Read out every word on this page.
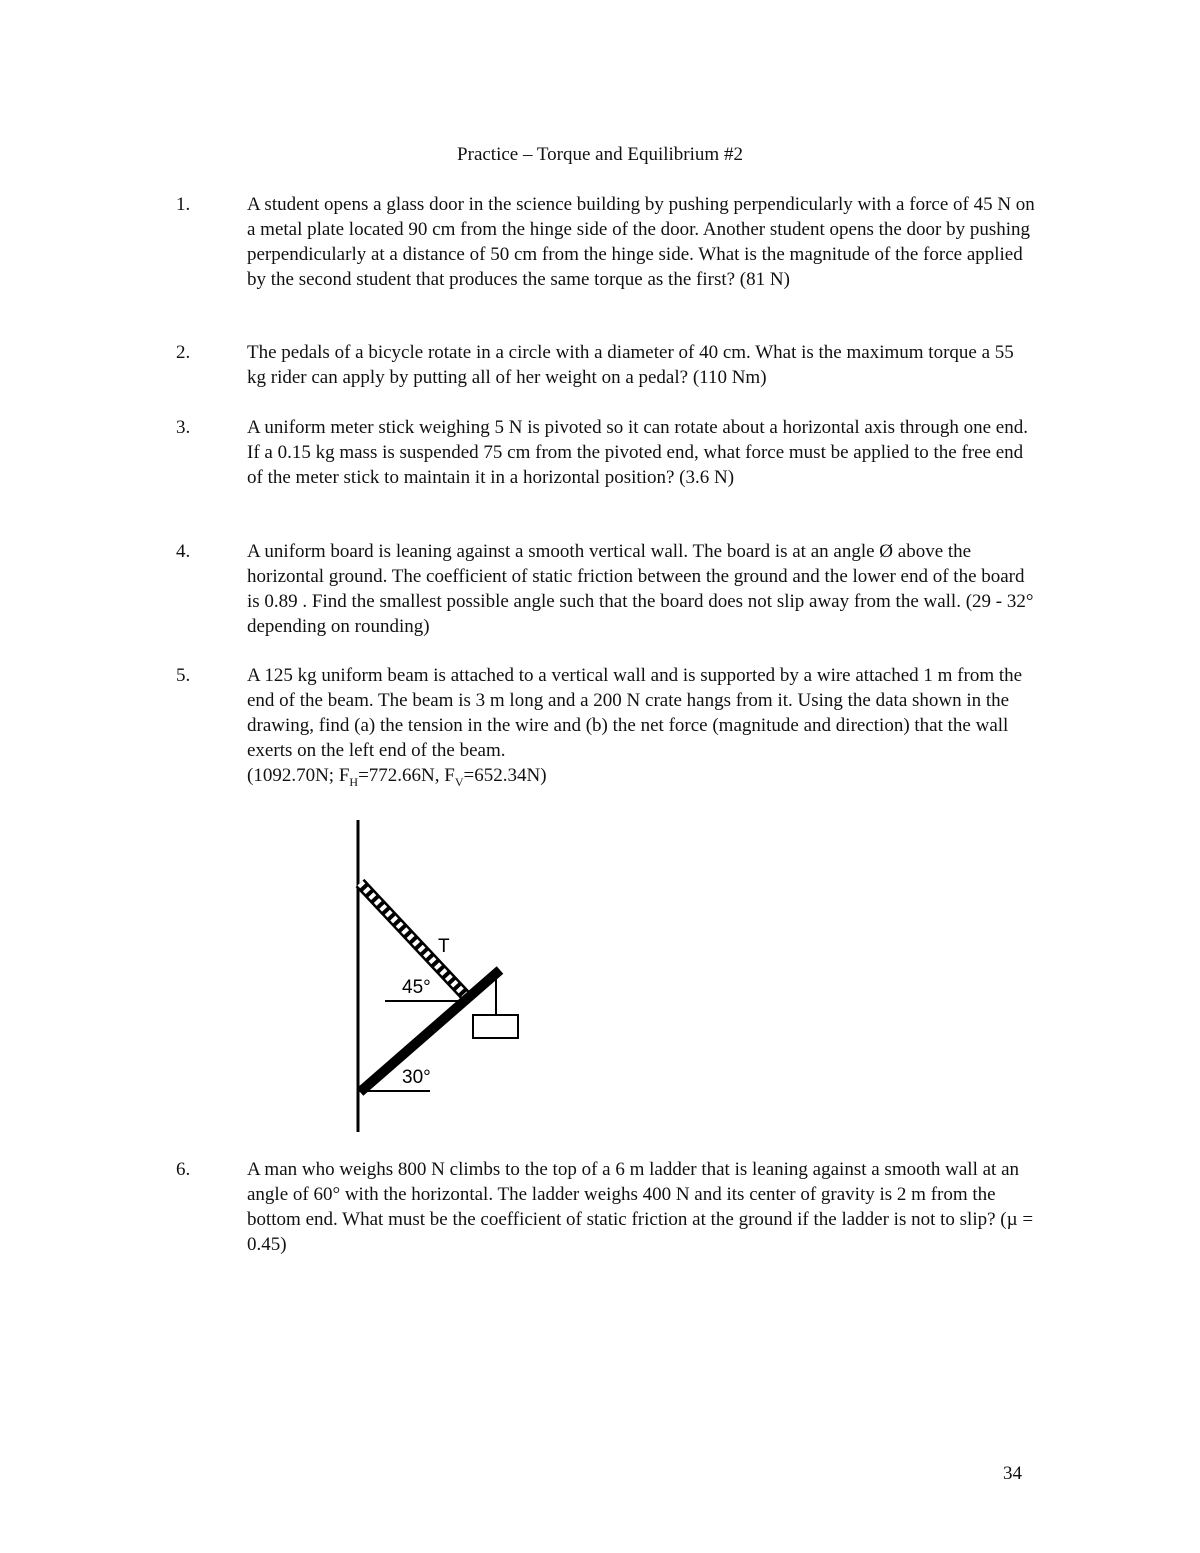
Practice – Torque and Equilibrium #2
1.	A student opens a glass door in the science building by pushing perpendicularly with a force of 45 N on a metal plate located 90 cm from the hinge side of the door. Another student opens the door by pushing perpendicularly at a distance of 50 cm from the hinge side. What is the magnitude of the force applied by the second student that produces the same torque as the first? (81 N)
2.	The pedals of a bicycle rotate in a circle with a diameter of 40 cm. What is the maximum torque a 55 kg rider can apply by putting all of her weight on a pedal? (110 Nm)
3.	A uniform meter stick weighing 5 N is pivoted so it can rotate about a horizontal axis through one end. If a 0.15 kg mass is suspended 75 cm from the pivoted end, what force must be applied to the free end of the meter stick to maintain it in a horizontal position? (3.6 N)
4.	A uniform board is leaning against a smooth vertical wall. The board is at an angle Ø above the horizontal ground. The coefficient of static friction between the ground and the lower end of the board is 0.89 . Find the smallest possible angle such that the board does not slip away from the wall. (29 - 32° depending on rounding)
5.	A 125 kg uniform beam is attached to a vertical wall and is supported by a wire attached 1 m from the end of the beam. The beam is 3 m long and a 200 N crate hangs from it. Using the data shown in the drawing, find (a) the tension in the wire and (b) the net force (magnitude and direction) that the wall exerts on the left end of the beam.
(1092.70N; $F_H=772.66N$, $F_V=652.34N$)
T
45°
30°
6.	A man who weighs 800 N climbs to the top of a 6 m ladder that is leaning against a smooth wall at an angle of 60° with the horizontal. The ladder weighs 400 N and its center of gravity is 2 m from the bottom end. What must be the coefficient of static friction at the ground if the ladder is not to slip? (µ = 0.45)
34
